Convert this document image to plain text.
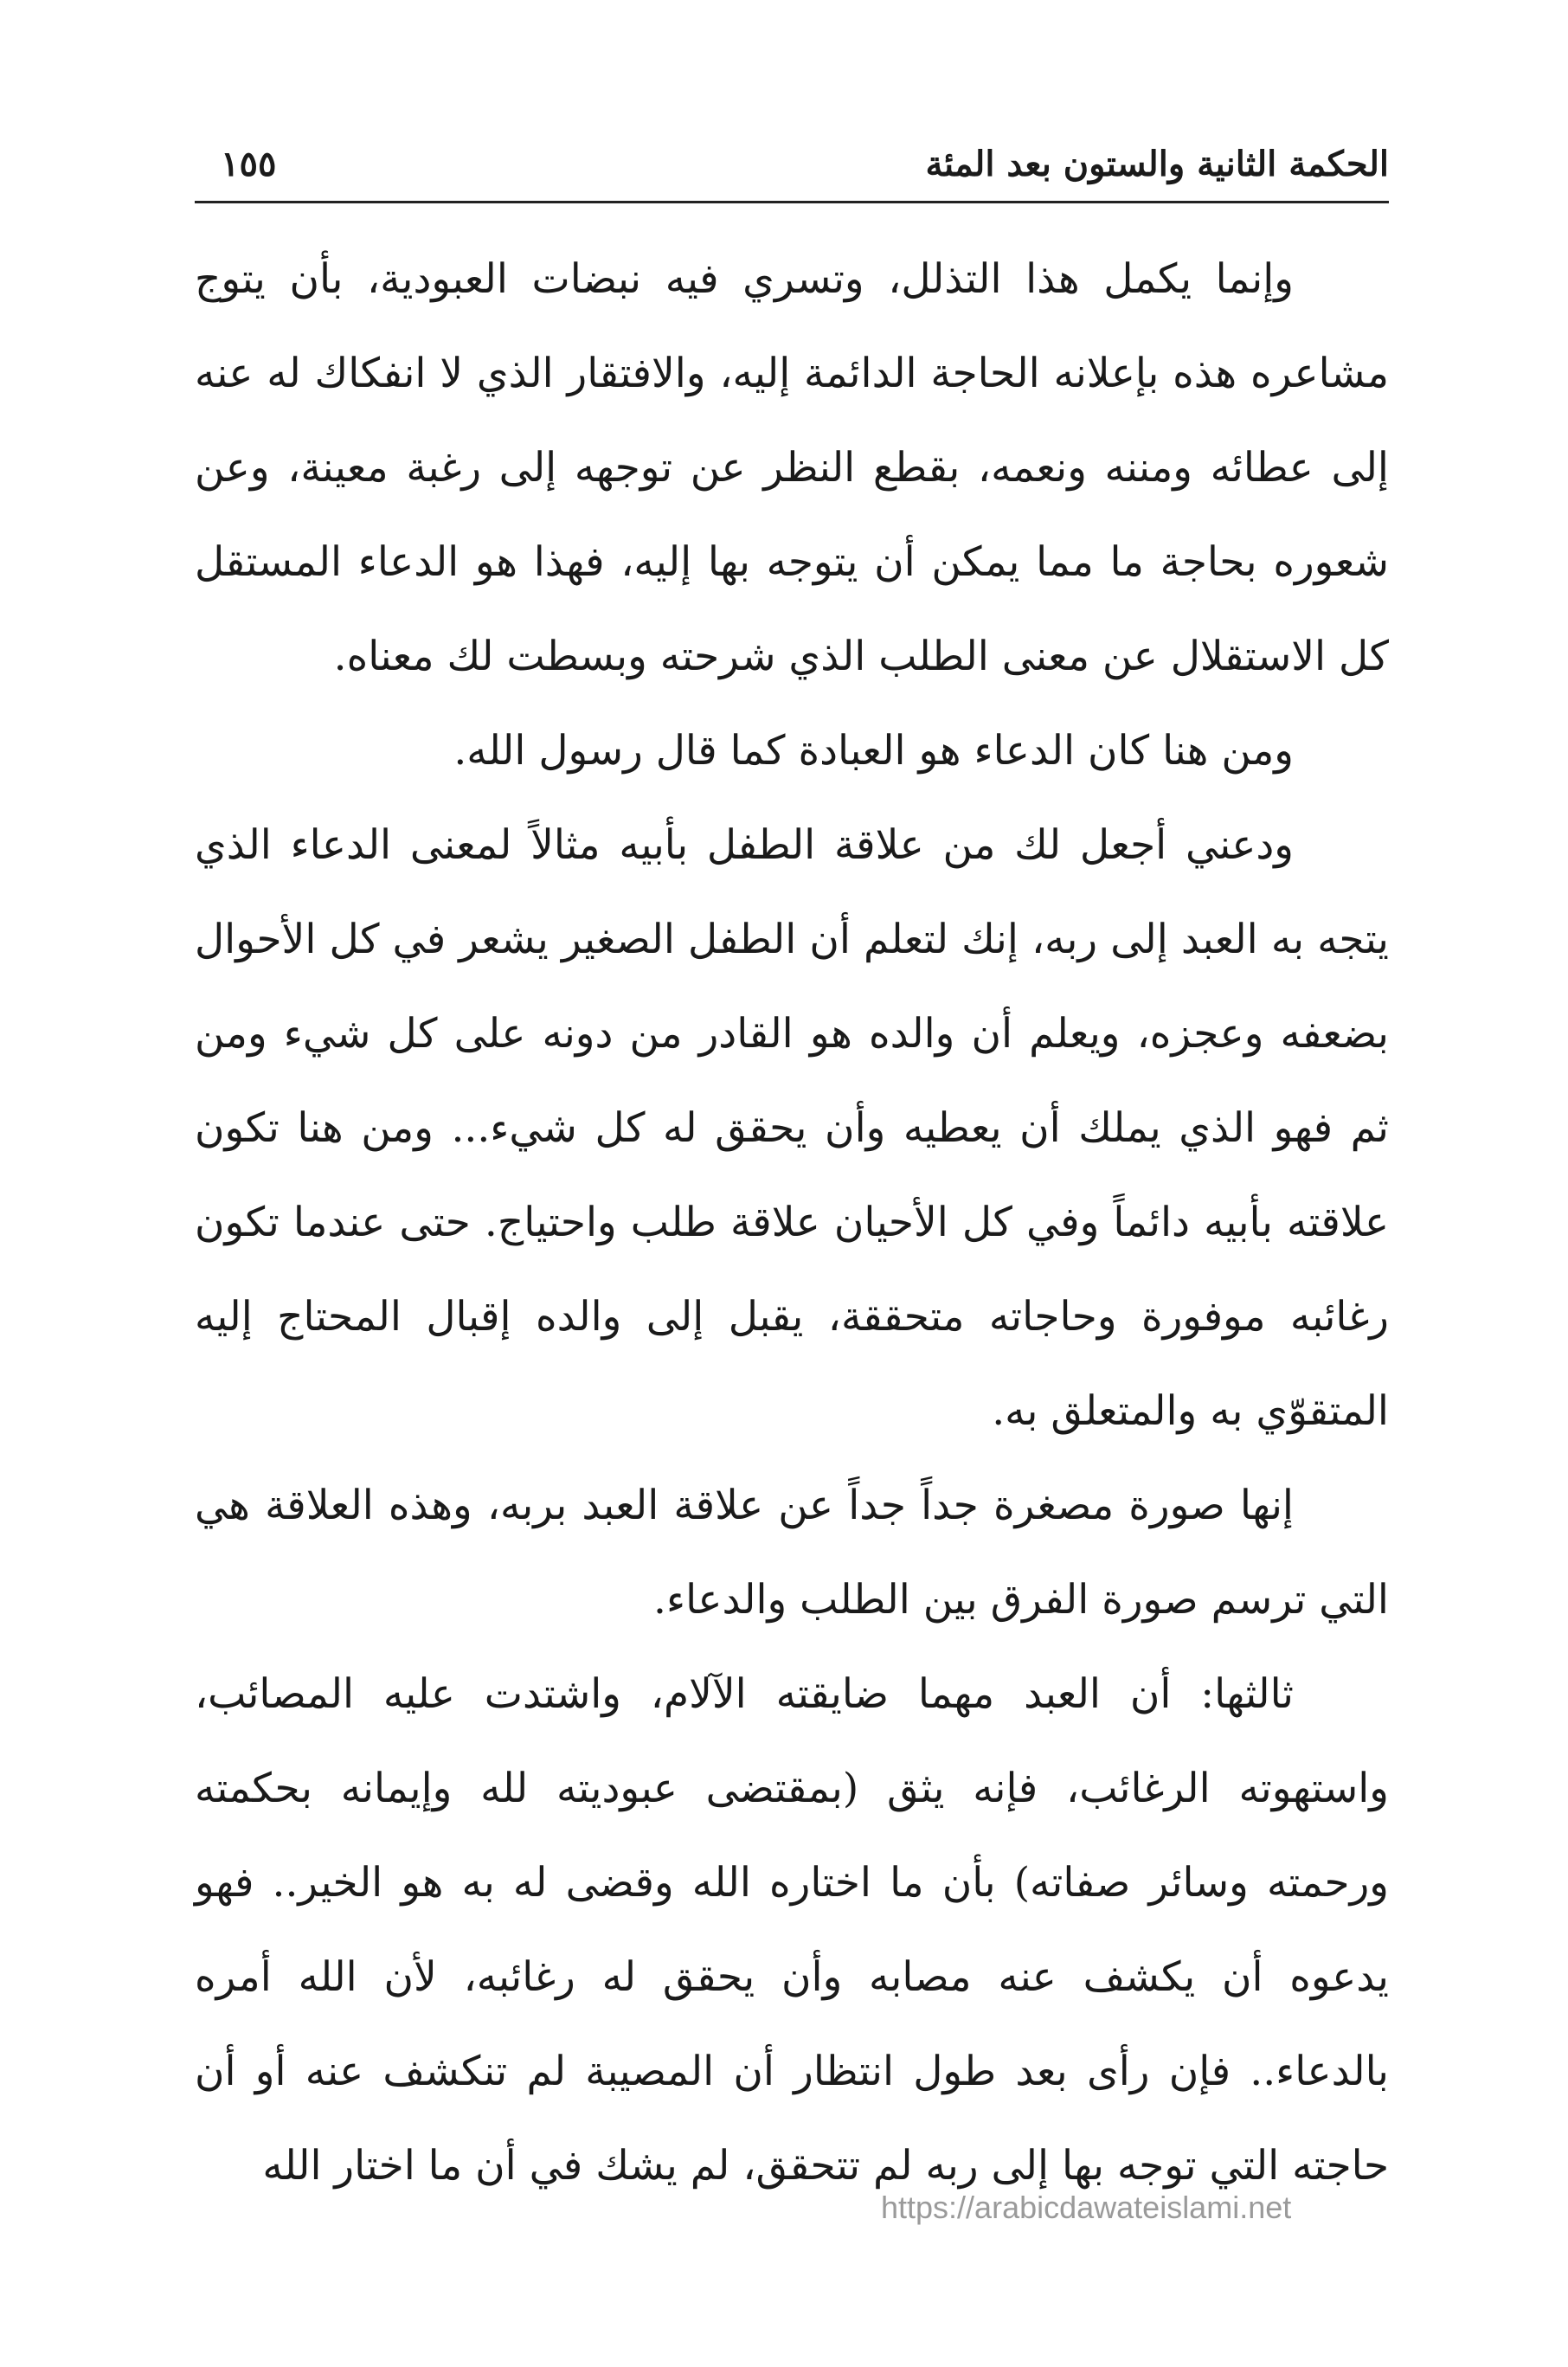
الحكمة الثانية والستون بعد المئة
١٥٥

وإنما يكمل هذا التذلل، وتسري فيه نبضات العبودية، بأن يتوج مشاعره هذه بإعلانه الحاجة الدائمة إليه، والافتقار الذي لا انفكاك له عنه إلى عطائه ومننه ونعمه، بقطع النظر عن توجهه إلى رغبة معينة، وعن شعوره بحاجة ما مما يمكن أن يتوجه بها إليه، فهذا هو الدعاء المستقل كل الاستقلال عن معنى الطلب الذي شرحته وبسطت لك معناه.

ومن هنا كان الدعاء هو العبادة كما قال رسول الله.

ودعني أجعل لك من علاقة الطفل بأبيه مثالاً لمعنى الدعاء الذي يتجه به العبد إلى ربه، إنك لتعلم أن الطفل الصغير يشعر في كل الأحوال بضعفه وعجزه، ويعلم أن والده هو القادر من دونه على كل شيء ومن ثم فهو الذي يملك أن يعطيه وأن يحقق له كل شيء... ومن هنا تكون علاقته بأبيه دائماً وفي كل الأحيان علاقة طلب واحتياج. حتى عندما تكون رغائبه موفورة وحاجاته متحققة، يقبل إلى والده إقبال المحتاج إليه المتقوّي به والمتعلق به.

إنها صورة مصغرة جداً جداً عن علاقة العبد بربه، وهذه العلاقة هي التي ترسم صورة الفرق بين الطلب والدعاء.

ثالثها: أن العبد مهما ضايقته الآلام، واشتدت عليه المصائب، واستهوته الرغائب، فإنه يثق (بمقتضى عبوديته لله وإيمانه بحكمته ورحمته وسائر صفاته) بأن ما اختاره الله وقضى له به هو الخير.. فهو يدعوه أن يكشف عنه مصابه وأن يحقق له رغائبه، لأن الله أمره بالدعاء.. فإن رأى بعد طول انتظار أن المصيبة لم تنكشف عنه أو أن حاجته التي توجه بها إلى ربه لم تتحقق، لم يشك في أن ما اختار الله

https://arabicdawateislami.net
